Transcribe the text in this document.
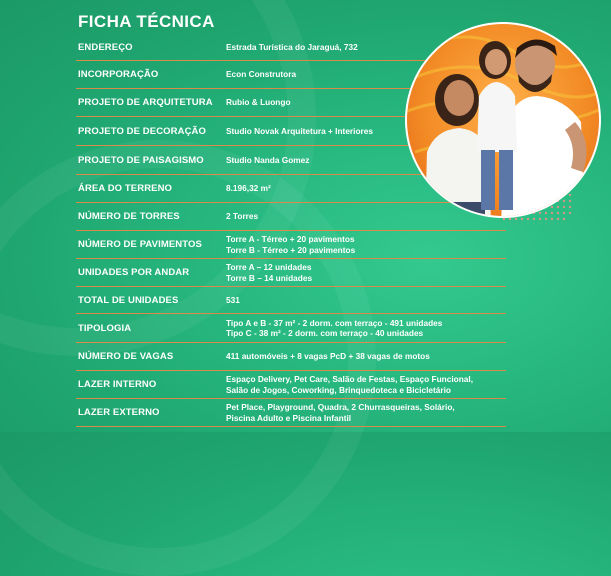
FICHA TÉCNICA
ENDEREÇO	Estrada Turística do Jaraguá, 732
INCORPORAÇÃO	Econ Construtora
PROJETO DE ARQUITETURA	Rubio & Luongo
PROJETO DE DECORAÇÃO	Studio Novak Arquitetura + Interiores
PROJETO DE PAISAGISMO	Studio Nanda Gomez
ÁREA DO TERRENO	8.196,32 m²
NÚMERO DE TORRES	2 Torres
NÚMERO DE PAVIMENTOS	Torre A - Térreo + 20 pavimentos
Torre B - Térreo + 20 pavimentos
UNIDADES POR ANDAR	Torre A – 12 unidades
Torre B – 14 unidades
TOTAL DE UNIDADES	531
TIPOLOGIA	Tipo A e B - 37 m² - 2 dorm. com terraço - 491 unidades
Tipo C - 38 m² - 2 dorm. com terraço - 40 unidades
NÚMERO DE VAGAS	411 automóveis + 8 vagas PcD + 38 vagas de motos
LAZER INTERNO	Espaço Delivery, Pet Care, Salão de Festas, Espaço Funcional,
Salão de Jogos, Coworking, Brinquedoteca e Bicicletário
LAZER EXTERNO	Pet Place, Playground, Quadra, 2 Churrasqueiras, Solário,
Piscina Adulto e Piscina Infantil
